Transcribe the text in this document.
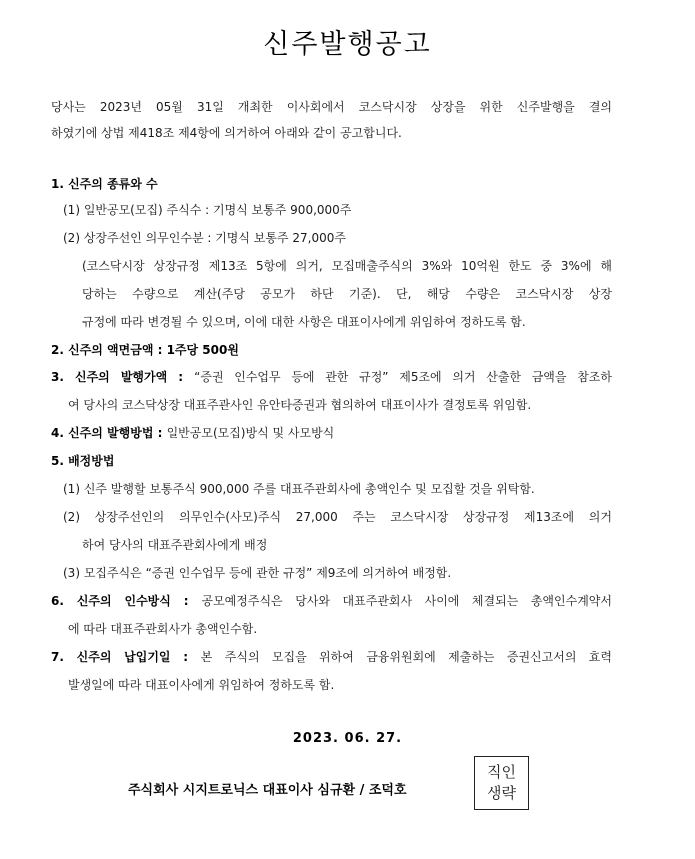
신주발행공고
당사는 2023년 05월 31일 개최한 이사회에서 코스닥시장 상장을 위한 신주발행을 결의
하였기에 상법 제418조 제4항에 의거하여 아래와 같이 공고합니다.
1. 신주의 종류와 수
(1) 일반공모(모집) 주식수 : 기명식 보통주 900,000주
(2) 상장주선인 의무인수분 : 기명식 보통주 27,000주
(코스닥시장 상장규정 제13조 5항에 의거, 모집매출주식의 3%와 10억원 한도 중 3%에 해
당하는 수량으로 계산(주당 공모가 하단 기준). 단, 해당 수량은 코스닥시장 상장
규정에 따라 변경될 수 있으며, 이에 대한 사항은 대표이사에게 위임하여 정하도록 함.
2. 신주의 액면금액 : 1주당 500원
3. 신주의 발행가액 : “증권 인수업무 등에 관한 규정” 제5조에 의거 산출한 금액을 참조하
여 당사의 코스닥상장 대표주관사인 유안타증권과 협의하여 대표이사가 결정토록 위임함.
4. 신주의 발행방법 : 일반공모(모집)방식 및 사모방식
5. 배정방법
(1) 신주 발행할 보통주식 900,000 주를 대표주관회사에 총액인수 및 모집할 것을 위탁함.
(2) 상장주선인의 의무인수(사모)주식 27,000 주는 코스닥시장 상장규정 제13조에 의거
하여 당사의 대표주관회사에게 배정
(3) 모집주식은 “증권 인수업무 등에 관한 규정” 제9조에 의거하여 배정함.
6. 신주의 인수방식 : 공모예정주식은 당사와 대표주관회사 사이에 체결되는 총액인수계약서
에 따라 대표주관회사가 총액인수함.
7. 신주의 납입기일 : 본 주식의 모집을 위하여 금융위원회에 제출하는 증권신고서의 효력
발생일에 따라 대표이사에게 위임하여 정하도록 함.
2023. 06. 27.
주식회사 시지트로닉스 대표이사 심규환 / 조덕호
직인
생략
